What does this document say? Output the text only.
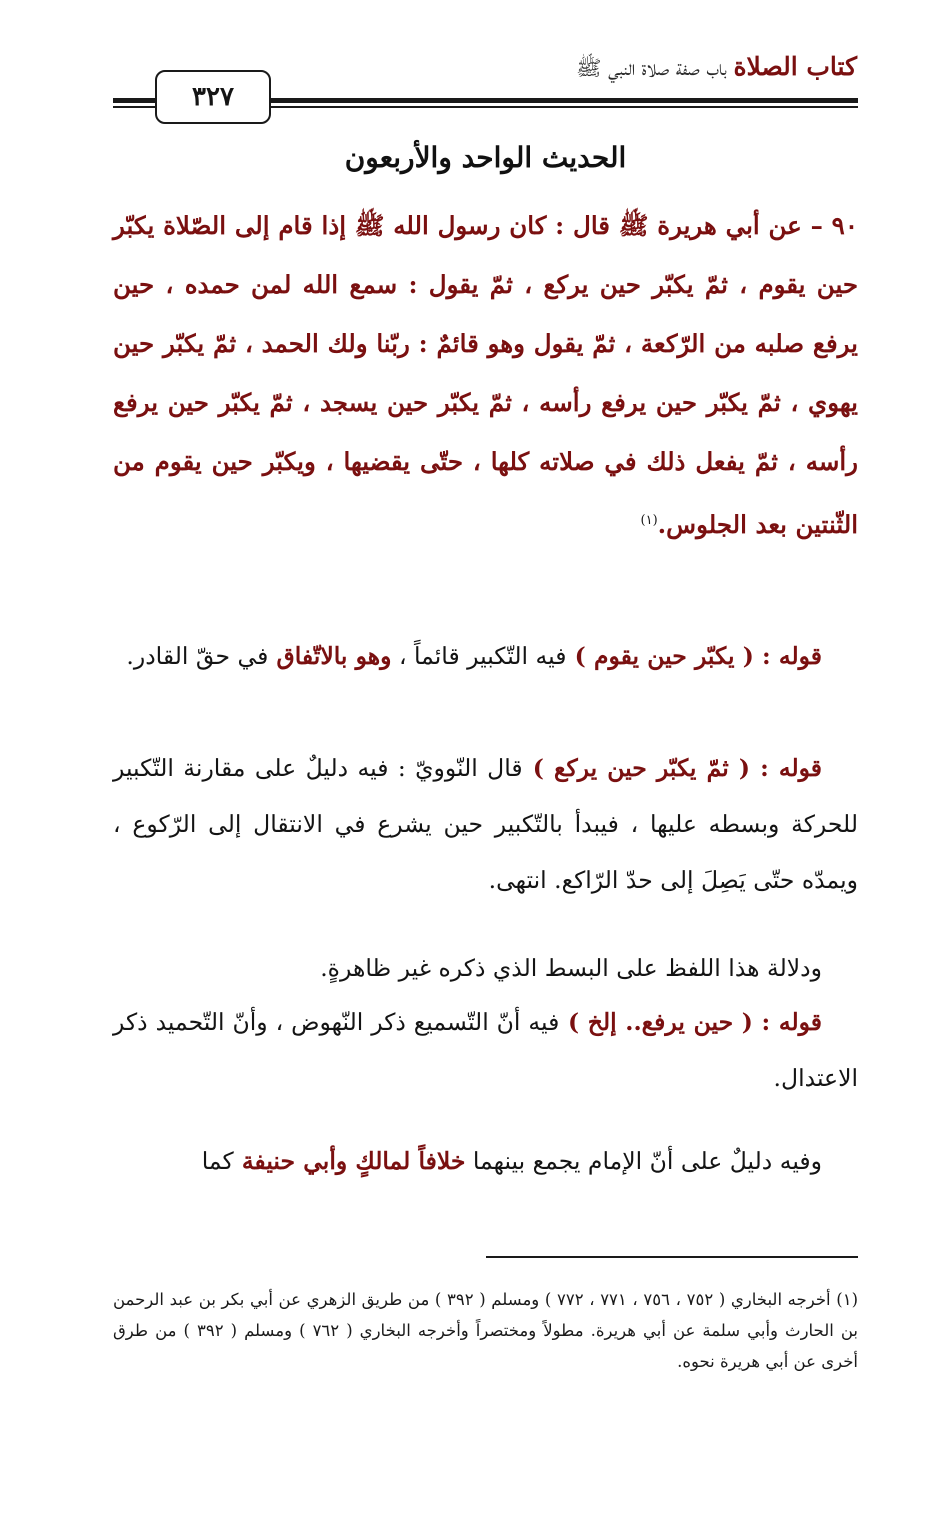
كتاب الصلاة باب صفة صلاة النبي ﷺ
٣٢٧
الحديث الواحد والأربعون
٩٠ – عن أبي هريرة ﷺ قال : كان رسول الله ﷺ إذا قام إلى الصّلاة يكبّر حين يقوم ، ثمّ يكبّر حين يركع ، ثمّ يقول : سمع الله لمن حمده ، حين يرفع صلبه من الرّكعة ، ثمّ يقول وهو قائمٌ : ربّنا ولك الحمد ، ثمّ يكبّر حين يهوي ، ثمّ يكبّر حين يرفع رأسه ، ثمّ يكبّر حين يسجد ، ثمّ يكبّر حين يرفع رأسه ، ثمّ يفعل ذلك في صلاته كلها ، حتّى يقضيها ، ويكبّر حين يقوم من الثّنتين بعد الجلوس.$^{(١)}$
قوله : ( يكبّر حين يقوم ) فيه التّكبير قائماً ، وهو بالاتّفاق في حقّ القادر.
قوله : ( ثمّ يكبّر حين يركع ) قال النّوويّ : فيه دليلٌ على مقارنة التّكبير للحركة وبسطه عليها ، فيبدأ بالتّكبير حين يشرع في الانتقال إلى الرّكوع ، ويمدّه حتّى يَصِلَ إلى حدّ الرّاكع. انتهى.
ودلالة هذا اللفظ على البسط الذي ذكره غير ظاهرةٍ.
قوله : ( حين يرفع.. إلخ ) فيه أنّ التّسميع ذكر النّهوض ، وأنّ التّحميد ذكر الاعتدال.
وفيه دليلٌ على أنّ الإمام يجمع بينهما خلافاً لمالكٍ وأبي حنيفة كما
(١) أخرجه البخاري ( ٧٥٢ ، ٧٥٦ ، ٧٧١ ، ٧٧٢ ) ومسلم ( ٣٩٢ ) من طريق الزهري عن أبي بكر بن عبد الرحمن بن الحارث وأبي سلمة عن أبي هريرة. مطولاً ومختصراً وأخرجه البخاري ( ٧٦٢ ) ومسلم ( ٣٩٢ ) من طرق أخرى عن أبي هريرة نحوه.
